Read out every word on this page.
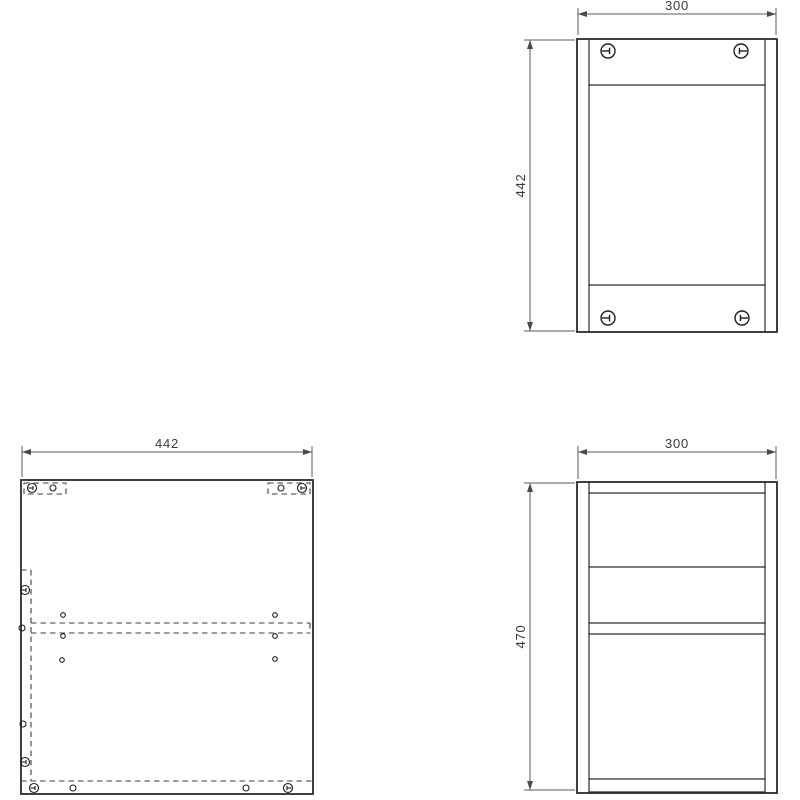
300
442
442	300
470
